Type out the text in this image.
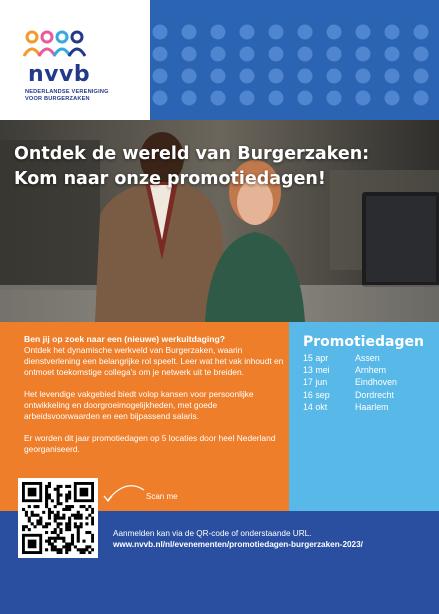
nvvb
NEDERLANDSE VERENIGING
VOOR BURGERZAKEN
Ontdek de wereld van Burgerzaken:
Kom naar onze promotiedagen!
Ben jij op zoek naar een (nieuwe) werkuitdaging?

Ontdek het dynamische werkveld van Burgerzaken, waarin dienstverlening een belangrijke rol speelt. Leer wat het vak inhoudt en ontmoet toekomstige collega's om je netwerk uit te breiden.

Het levendige vakgebied biedt volop kansen voor persoonlijke ontwikkeling en doorgroeimogelijkheden, met goede arbeidsvoorwaarden en een bijpassend salaris.

Er worden dit jaar promotiedagen op 5 locaties door heel Nederland georganiseerd.

Promotiedagen
15 apr	Assen
13 mei	Arnhem
17 jun	Eindhoven
16 sep	Dordrecht
14 okt	Haarlem
Scan me
Aanmelden kan via de QR-code of onderstaande URL.
www.nvvb.nl/nl/evenementen/promotiedagen-burgerzaken-2023/
